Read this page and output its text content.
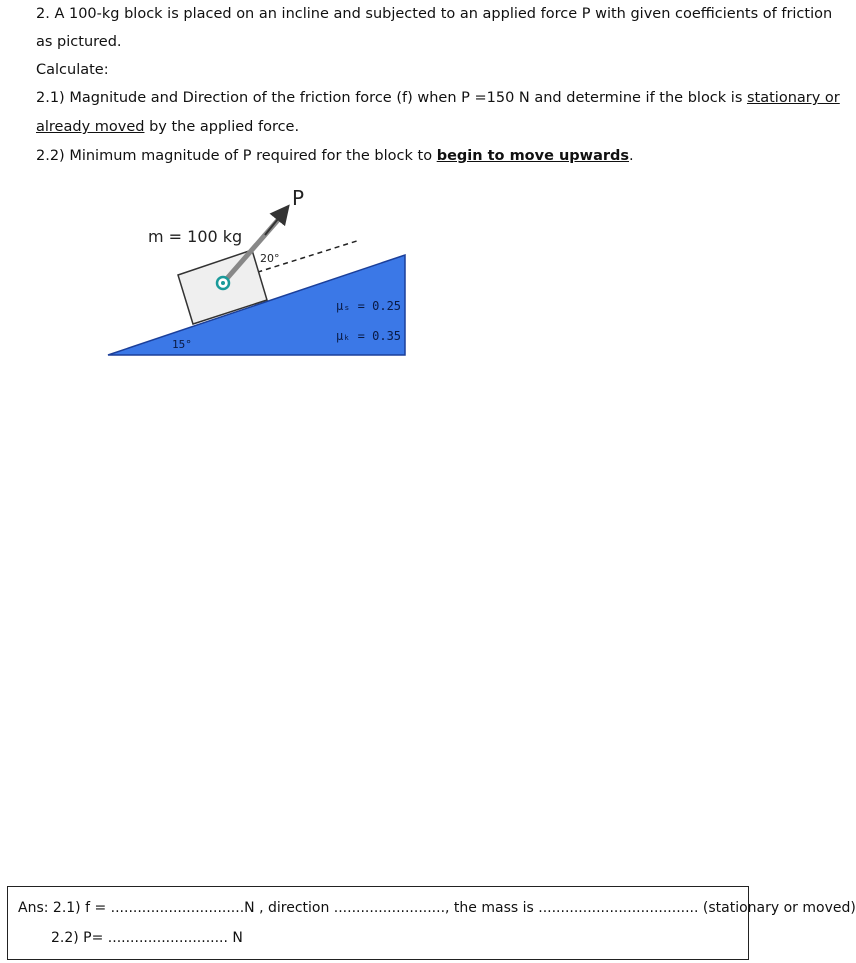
2. A 100-kg block is placed on an incline and subjected to an applied force P with given coefficients of friction
as pictured.
Calculate:
2.1) Magnitude and Direction of the friction force (f) when P =150 N and determine if the block is stationary or
already moved by the applied force.
2.2) Minimum magnitude of P required for the block to begin to move upwards.
P
m = 100 kg
20°
15°
μₛ = 0.25
μₖ = 0.35
Ans: 2.1) f = ..............................N , direction ........................., the mass is .................................... (stationary or moved)
2.2) P= ........................... N
